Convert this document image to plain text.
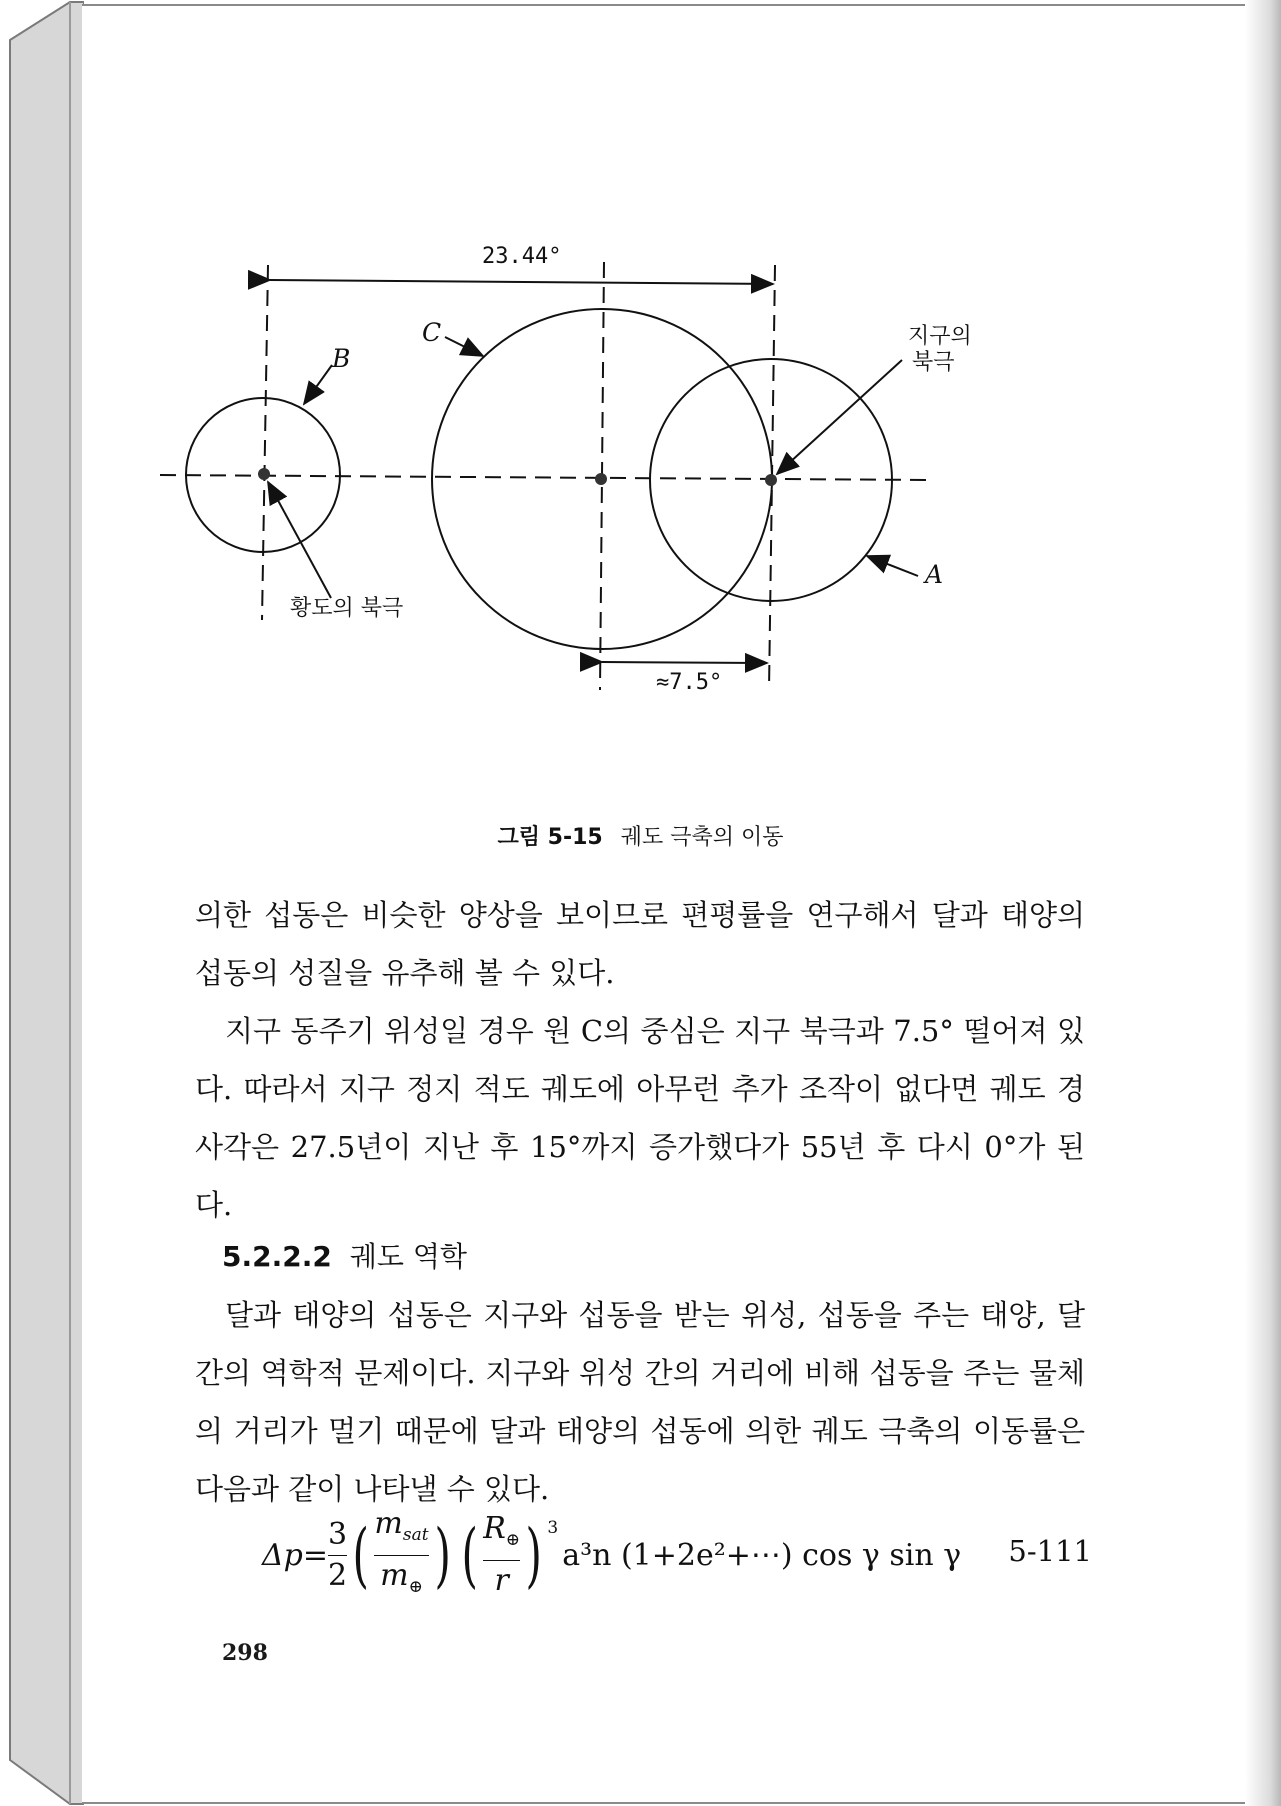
23.44°
≈7.5°
C
B
A
지구의
북극
황도의 북극
그림 5-15 궤도 극축의 이동

의한 섭동은 비슷한 양상을 보이므로 편평률을 연구해서 달과 태양의 섭동의 성질을 유추해 볼 수 있다.

지구 동주기 위성일 경우 원 C의 중심은 지구 북극과 7.5° 떨어져 있다. 따라서 지구 정지 적도 궤도에 아무런 추가 조작이 없다면 궤도 경사각은 27.5년이 지난 후 15°까지 증가했다가 55년 후 다시 0°가 된다.

5.2.2.2 궤도 역학

달과 태양의 섭동은 지구와 섭동을 받는 위성, 섭동을 주는 태양, 달 간의 역학적 문제이다. 지구와 위성 간의 거리에 비해 섭동을 주는 물체의 거리가 멀기 때문에 달과 태양의 섭동에 의한 궤도 극축의 이동률은 다음과 같이 나타낼 수 있다.

$\Delta p= \frac{3}{2}$ ( $\frac{m_{sat}}{m_\oplus}$ ) ( $\frac{R_\oplus}{r}$ ) $^3$
a³n (1+2e²+⋯) cos γ sin γ 5-111
298
